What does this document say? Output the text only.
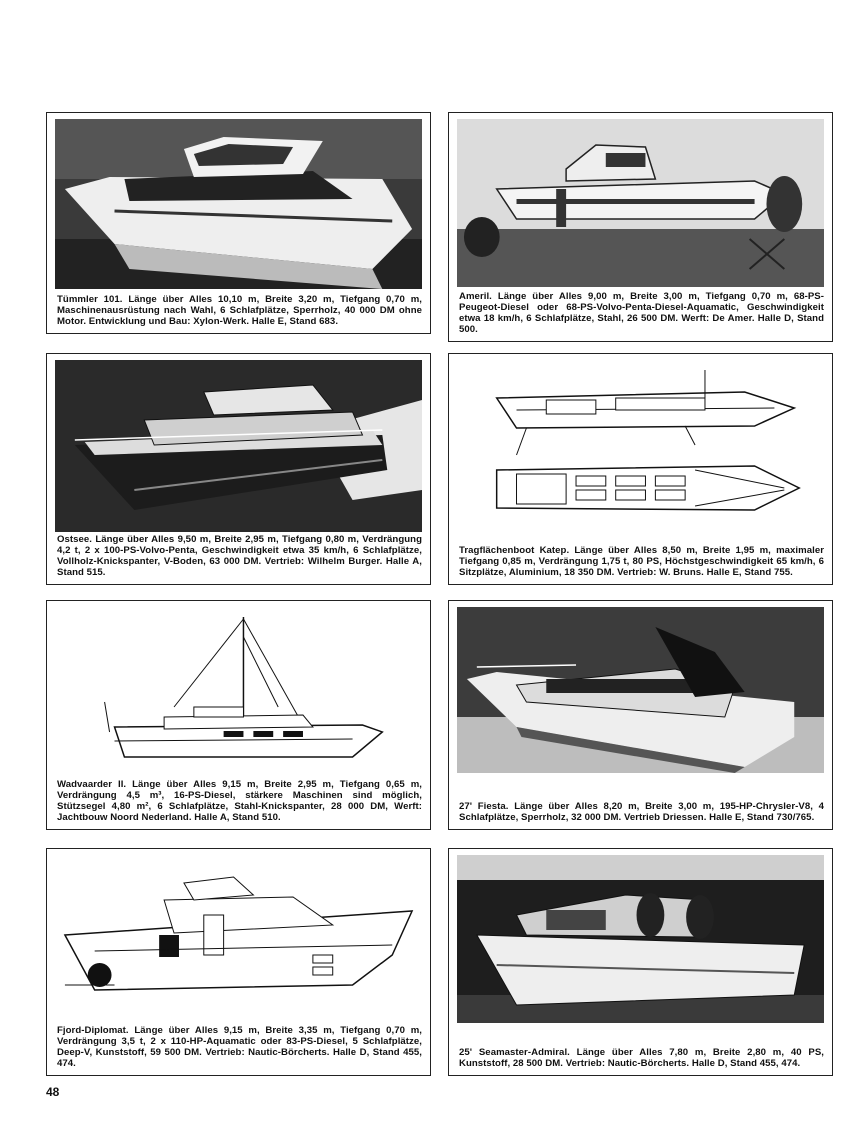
Tümmler 101. Länge über Alles 10,10 m, Breite 3,20 m, Tiefgang 0,70 m, Maschinenausrüstung nach Wahl, 6 Schlafplätze, Sperrholz, 40 000 DM ohne Motor. Entwicklung und Bau: Xylon-Werk. Halle E, Stand 683.
Ameril. Länge über Alles 9,00 m, Breite 3,00 m, Tiefgang 0,70 m, 68-PS-Peugeot-Diesel oder 68-PS-Volvo-Penta-Diesel-Aquamatic, Geschwindigkeit etwa 18 km/h, 6 Schlafplätze, Stahl, 26 500 DM. Werft: De Amer. Halle D, Stand 500.
Ostsee. Länge über Alles 9,50 m, Breite 2,95 m, Tiefgang 0,80 m, Verdrängung 4,2 t, 2 x 100-PS-Volvo-Penta, Geschwindigkeit etwa 35 km/h, 6 Schlafplätze, Vollholz-Knickspanter, V-Boden, 63 000 DM. Vertrieb: Wilhelm Burger. Halle A, Stand 515.
Tragflächenboot Katep. Länge über Alles 8,50 m, Breite 1,95 m, maximaler Tiefgang 0,85 m, Verdrängung 1,75 t, 80 PS, Höchstgeschwindigkeit 65 km/h, 6 Sitzplätze, Aluminium, 18 350 DM. Vertrieb: W. Bruns. Halle E, Stand 755.
Wadvaarder II. Länge über Alles 9,15 m, Breite 2,95 m, Tiefgang 0,65 m, Verdrängung 4,5 m³, 16-PS-Diesel, stärkere Maschinen sind möglich, Stützsegel 4,80 m², 6 Schlafplätze, Stahl-Knickspanter, 28 000 DM, Werft: Jachtbouw Noord Nederland. Halle A, Stand 510.
27' Fiesta. Länge über Alles 8,20 m, Breite 3,00 m, 195-HP-Chrysler-V8, 4 Schlafplätze, Sperrholz, 32 000 DM. Vertrieb Driessen. Halle E, Stand 730/765.
Fjord-Diplomat. Länge über Alles 9,15 m, Breite 3,35 m, Tiefgang 0,70 m, Verdrängung 3,5 t, 2 x 110-HP-Aquamatic oder 83-PS-Diesel, 5 Schlafplätze, Deep-V, Kunststoff, 59 500 DM. Vertrieb: Nautic-Börcherts. Halle D, Stand 455, 474.
25' Seamaster-Admiral. Länge über Alles 7,80 m, Breite 2,80 m, 40 PS, Kunststoff, 28 500 DM. Vertrieb: Nautic-Börcherts. Halle D, Stand 455, 474.
48
